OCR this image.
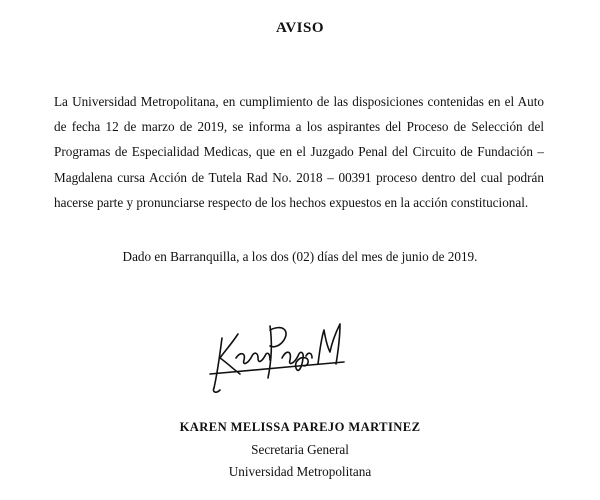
AVISO
La Universidad Metropolitana, en cumplimiento de las disposiciones contenidas en el Auto de fecha 12 de marzo de 2019, se informa a los aspirantes del Proceso de Selección del Programas de Especialidad Medicas, que en el Juzgado Penal del Circuito de Fundación – Magdalena cursa Acción de Tutela Rad No. 2018 – 00391 proceso dentro del cual podrán hacerse parte y pronunciarse respecto de los hechos expuestos en la acción constitucional.
Dado en Barranquilla, a los dos (02) días del mes de junio de 2019.
KAREN MELISSA PAREJO MARTINEZ
Secretaria General
Universidad Metropolitana
